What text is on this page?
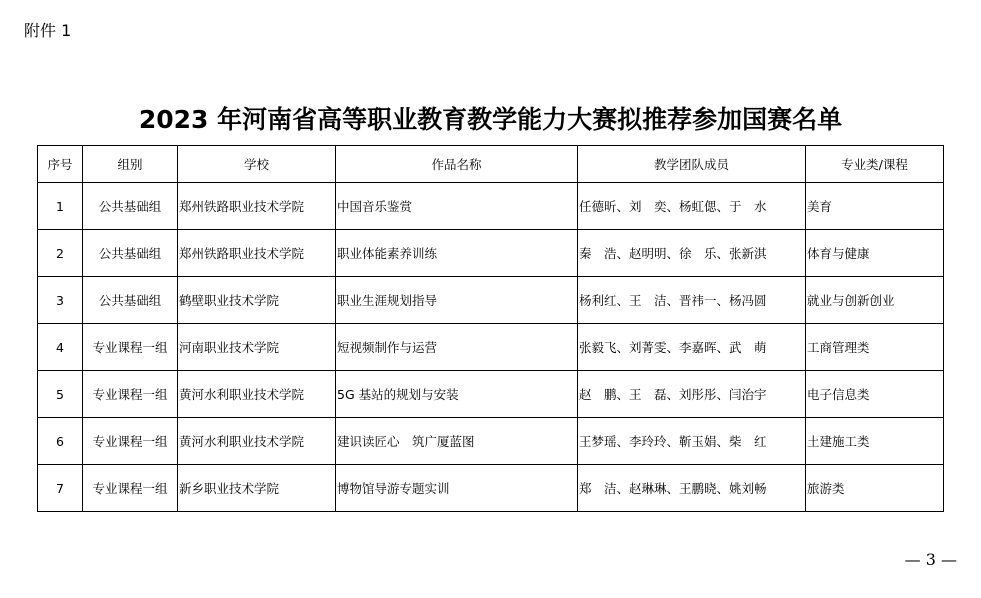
附件 1
2023 年河南省高等职业教育教学能力大赛拟推荐参加国赛名单
序号	组别	学校	作品名称	教学团队成员	专业类/课程
1	公共基础组	郑州铁路职业技术学院	中国音乐鉴赏	任德昕、刘　奕、杨虹偲、于　水	美育
2	公共基础组	郑州铁路职业技术学院	职业体能素养训练	秦　浩、赵明明、徐　乐、张新淇	体育与健康
3	公共基础组	鹤壁职业技术学院	职业生涯规划指导	杨利红、王　洁、晋祎一、杨冯圆	就业与创新创业
4	专业课程一组	河南职业技术学院	短视频制作与运营	张毅飞、刘菁雯、李嘉晖、武　萌	工商管理类
5	专业课程一组	黄河水利职业技术学院	5G 基站的规划与安装	赵　鹏、王　磊、刘彤彤、闫治宇	电子信息类
6	专业课程一组	黄河水利职业技术学院	建识读匠心　筑广厦蓝图	王梦瑶、李玲玲、靳玉娟、柴　红	土建施工类
7	专业课程一组	新乡职业技术学院	博物馆导游专题实训	郑　洁、赵琳琳、王鹏晓、姚刘畅	旅游类
— 3 —
